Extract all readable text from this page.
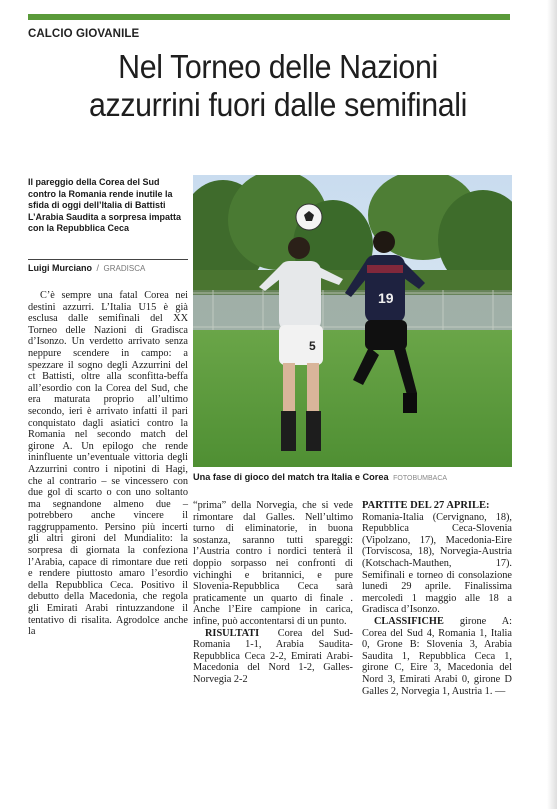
CALCIO GIOVANILE
Nel Torneo delle Nazioni
azzurrini fuori dalle semifinali
Il pareggio della Corea del Sud contro la Romania rende inutile la sfida di oggi dell’Italia di Battisti L’Arabia Saudita a sorpresa impatta con la Repubblica Ceca
Luigi Murciano / GRADISCA
5
19
Una fase di gioco del match tra Italia e Corea FOTOBUMBACA

C’è sempre una fatal Corea nei destini azzurri. L’Italia U15 è già esclusa dalle semifinali del XX Torneo delle Nazioni di Gradisca d’Isonzo. Un verdetto arrivato senza neppure scendere in campo: a spezzare il sogno degli Azzurrini del ct Battisti, oltre alla sconfitta-beffa all’esordio con la Corea del Sud, che era maturata proprio all’ultimo secondo, ieri è arrivato infatti il pari conquistato dagli asiatici contro la Romania nel secondo match del girone A. Un epilogo che rende ininfluente un’eventuale vittoria degli Azzurrini contro i nipotini di Hagi, che al contrario – se vincessero con due gol di scarto o con uno soltanto ma segnandone almeno due – potrebbero anche vincere il raggruppamento. Persino più incerti gli altri gironi del Mundialito: la sorpresa di giornata la confeziona l’Arabia, capace di rimontare due reti e rendere piuttosto amaro l’esordio della Repubblica Ceca. Positivo il debutto della Macedonia, che regola gli Emirati Arabi rintuzzandone il tentativo di risalita. Agrodolce anche la

“prima” della Norvegia, che si vede rimontare dal Galles. Nell’ultimo turno di eliminatorie, in buona sostanza, saranno tutti spareggi: l’Austria contro i nordici tenterà il doppio sorpasso nei confronti di vichinghi e britannici, e pure Slovenia-Repubblica Ceca sarà praticamente un quarto di finale . Anche l’Eire campione in carica, infine, può accontentarsi di un punto.

RISULTATI Corea del Sud-Romania 1-1, Arabia Saudita-Repubblica Ceca 2-2, Emirati Arabi-Macedonia del Nord 1-2, Galles-Norvegia 2-2

PARTITE DEL 27 APRILE:

Romania-Italia (Cervignano, 18), Repubblica Ceca-Slovenia (Vipolzano, 17), Macedonia-Eire (Torviscosa, 18), Norvegia-Austria (Kotschach-Mauthen, 17). Semifinali e torneo di consolazione lunedì 29 aprile. Finalissima mercoledì 1 maggio alle 18 a Gradisca d’Isonzo.

CLASSIFICHE girone A: Corea del Sud 4, Romania 1, Italia 0, Grone B: Slovenia 3, Arabia Saudita 1, Repubblica Ceca 1, girone C, Eire 3, Macedonia del Nord 3, Emirati Arabi 0, girone D Galles 2, Norvegia 1, Austria 1. —
